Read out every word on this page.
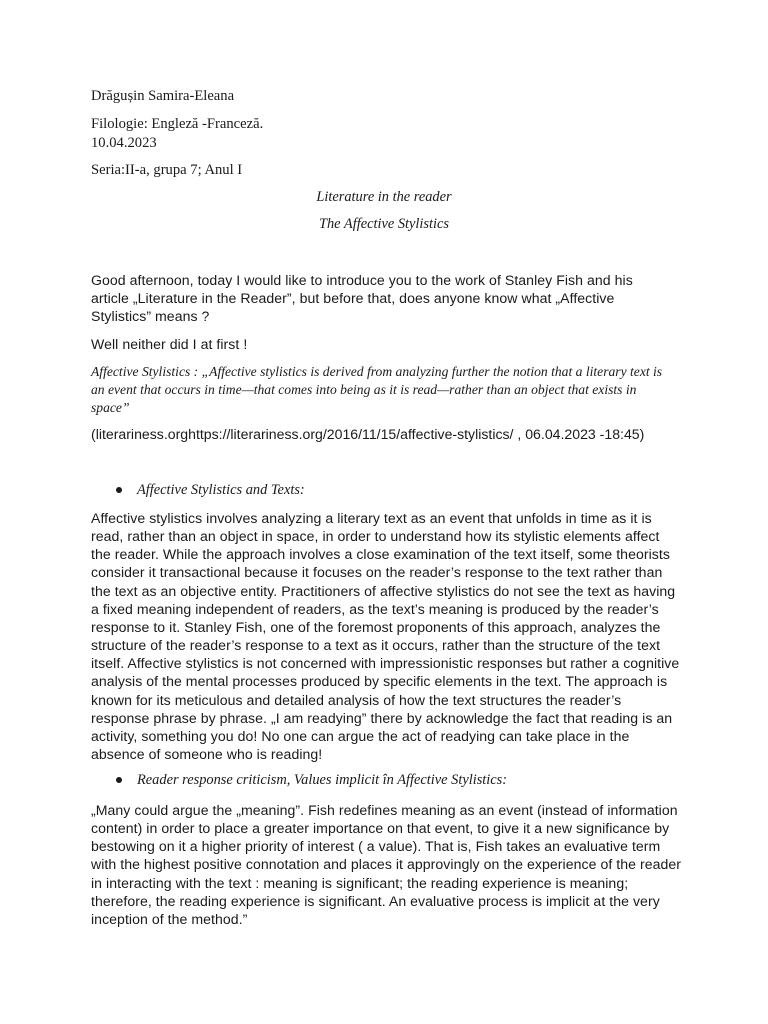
Drăgușin Samira-Eleana
Filologie: Engleză -Franceză.
10.04.2023
Seria:II-a, grupa 7; Anul I
Literature in the reader
The Affective Stylistics
Good afternoon, today I would like to introduce you to the work of Stanley Fish and his article „Literature in the Reader”, but before that, does anyone know what „Affective Stylistics” means ?
Well neither did I at first !
Affective Stylistics : „Affective stylistics is derived from analyzing further the notion that a literary text is an event that occurs in time—that comes into being as it is read—rather than an object that exists in space”
(literariness.orghttps://literariness.org/2016/11/15/affective-stylistics/ , 06.04.2023 -18:45)
Affective Stylistics and Texts:
Affective stylistics involves analyzing a literary text as an event that unfolds in time as it is read, rather than an object in space, in order to understand how its stylistic elements affect the reader. While the approach involves a close examination of the text itself, some theorists consider it transactional because it focuses on the reader’s response to the text rather than the text as an objective entity. Practitioners of affective stylistics do not see the text as having a fixed meaning independent of readers, as the text’s meaning is produced by the reader’s response to it. Stanley Fish, one of the foremost proponents of this approach, analyzes the structure of the reader’s response to a text as it occurs, rather than the structure of the text itself. Affective stylistics is not concerned with impressionistic responses but rather a cognitive analysis of the mental processes produced by specific elements in the text. The approach is known for its meticulous and detailed analysis of how the text structures the reader’s response phrase by phrase. „I am readying” there by acknowledge the fact that reading is an activity, something you do! No one can argue the act of readying can take place in the absence of someone who is reading!
Reader response criticism, Values implicit în Affective Stylistics:
„Many could argue the „meaning”. Fish redefines meaning as an event (instead of information content) in order to place a greater importance on that event, to give it a new significance by bestowing on it a higher priority of interest ( a value). That is, Fish takes an evaluative term with the highest positive connotation and places it approvingly on the experience of the reader in interacting with the text : meaning is significant; the reading experience is meaning; therefore, the reading experience is significant. An evaluative process is implicit at the very inception of the method.”
